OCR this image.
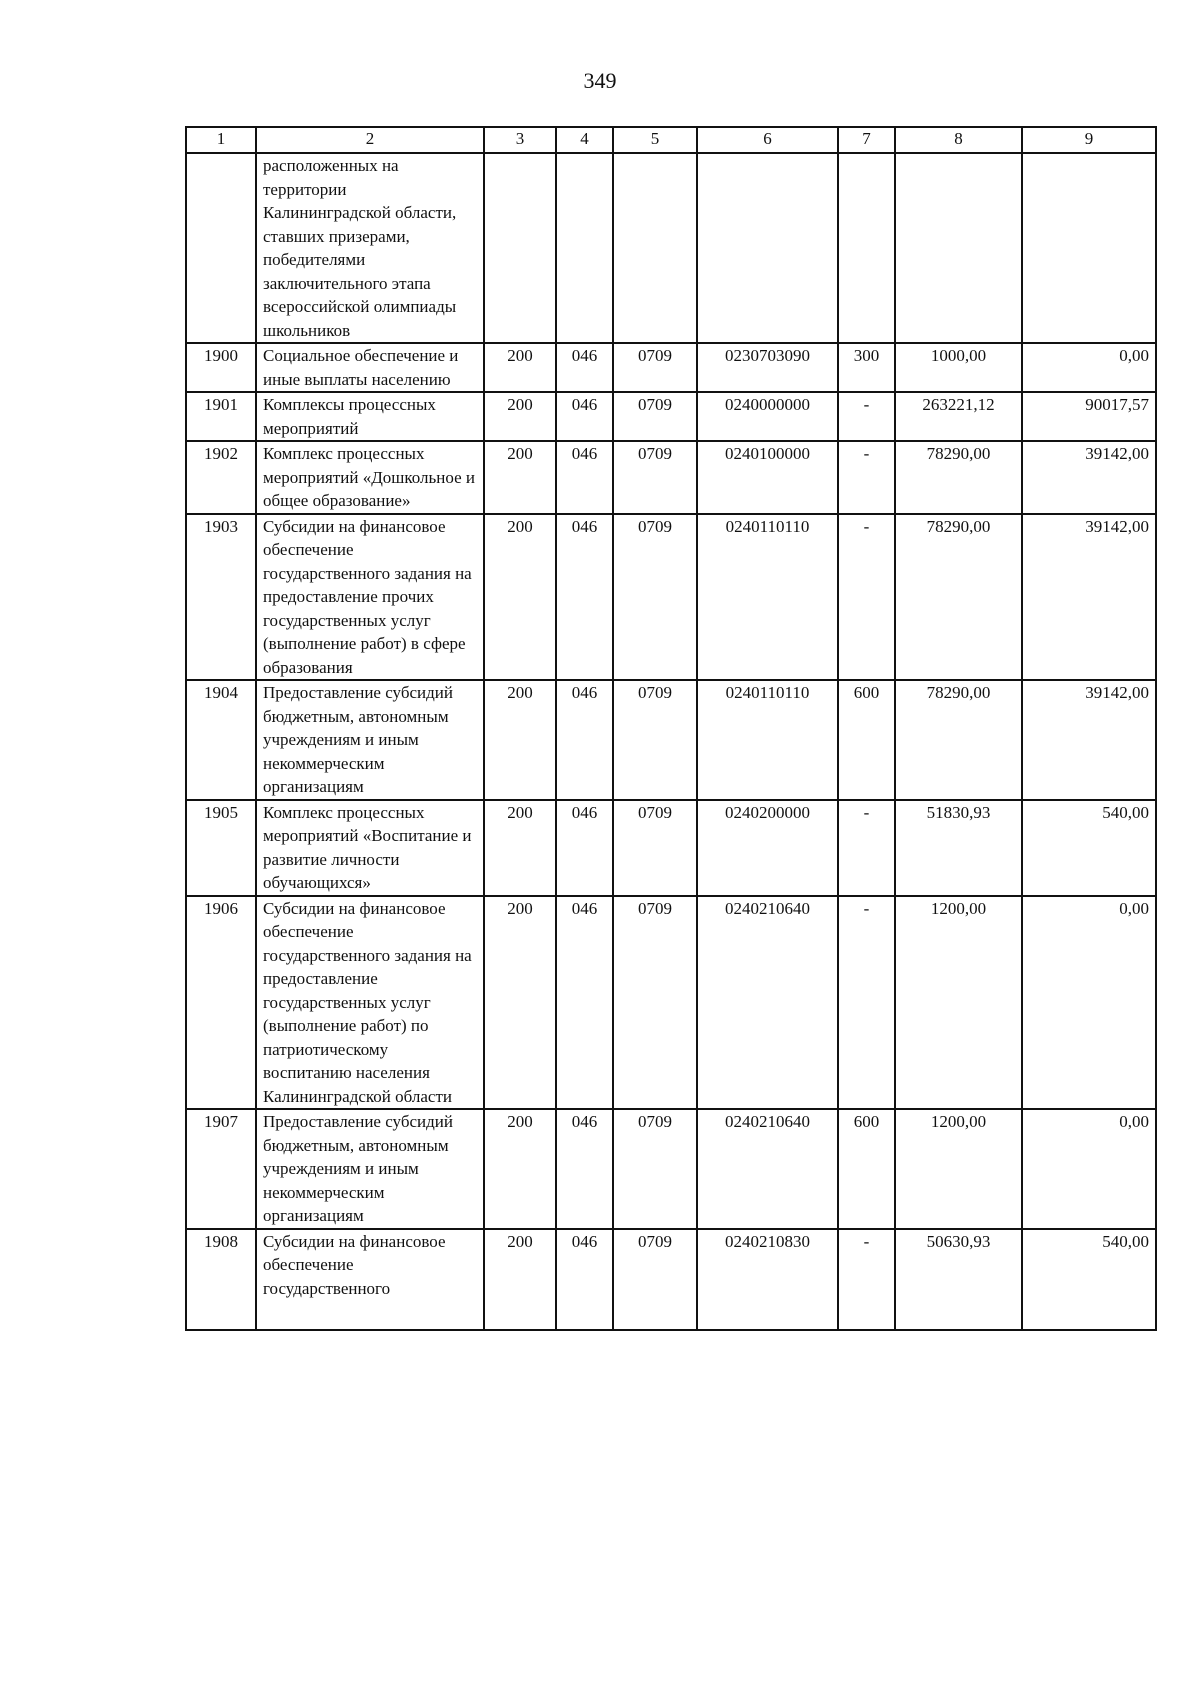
349
1	2	3	4	5	6	7	8	9
	расположенных на территории Калининградской области, ставших призерами, победителями заключительного этапа всероссийской олимпиады школьников							
1900	Социальное обеспечение и иные выплаты населению	200	046	0709	0230703090	300	1000,00	0,00
1901	Комплексы процессных мероприятий	200	046	0709	0240000000	-	263221,12	90017,57
1902	Комплекс процессных мероприятий «Дошкольное и общее образование»	200	046	0709	0240100000	-	78290,00	39142,00
1903	Субсидии на финансовое обеспечение государственного задания на предоставление прочих государственных услуг (выполнение работ) в сфере образования	200	046	0709	0240110110	-	78290,00	39142,00
1904	Предоставление субсидий бюджетным, автономным учреждениям и иным некоммерческим организациям	200	046	0709	0240110110	600	78290,00	39142,00
1905	Комплекс процессных мероприятий «Воспитание и развитие личности обучающихся»	200	046	0709	0240200000	-	51830,93	540,00
1906	Субсидии на финансовое обеспечение государственного задания на предоставление государственных услуг (выполнение работ) по патриотическому воспитанию населения Калининградской области	200	046	0709	0240210640	-	1200,00	0,00
1907	Предоставление субсидий бюджетным, автономным учреждениям и иным некоммерческим организациям	200	046	0709	0240210640	600	1200,00	0,00
1908	Субсидии на финансовое обеспечение государственного	200	046	0709	0240210830	-	50630,93	540,00
